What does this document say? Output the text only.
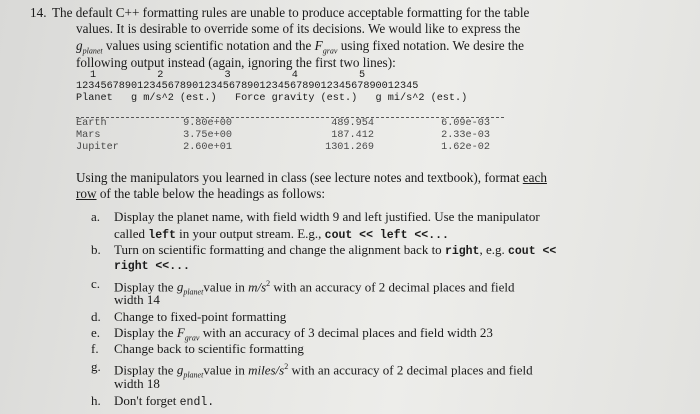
14. The default C++ formatting rules are unable to produce acceptable formatting for the table
values. It is desirable to override some of its decisions. We would like to express the
$g_{planet}$ values using scientific notation and the $F_{grav}$ using fixed notation. We desire the
following output instead (again, ignoring the first two lines):
1          2          3          4          5
12345678901234567890123456789012345678901234567890012345
Planet   g m/s^2 (est.)   Force gravity (est.)   g mi/s^2 (est.)
Earth
Mars
Jupiter
9.80e+00
3.75e+00
2.60e+01
489.954
187.412
1301.269
6.09e-03
2.33e-03
1.62e-02
Using the manipulators you learned in class (see lecture notes and textbook), format each
row of the table below the headings as follows:
a. Display the planet name, with field width 9 and left justified. Use the manipulator
called left in your output stream. E.g., cout << left <<...
b. Turn on scientific formatting and change the alignment back to right, e.g. cout <<
right <<...
c. Display the $g_{planet}value$ in $m/s^2$ with an accuracy of 2 decimal places and field
width 14
d. Change to fixed-point formatting
e. Display the $F_{grav}$ with an accuracy of 3 decimal places and field width 23
f. Change back to scientific formatting
g. Display the $g_{planet}value$ in miles/$s^2$ with an accuracy of 2 decimal places and field
width 18
h. Don't forget endl.
